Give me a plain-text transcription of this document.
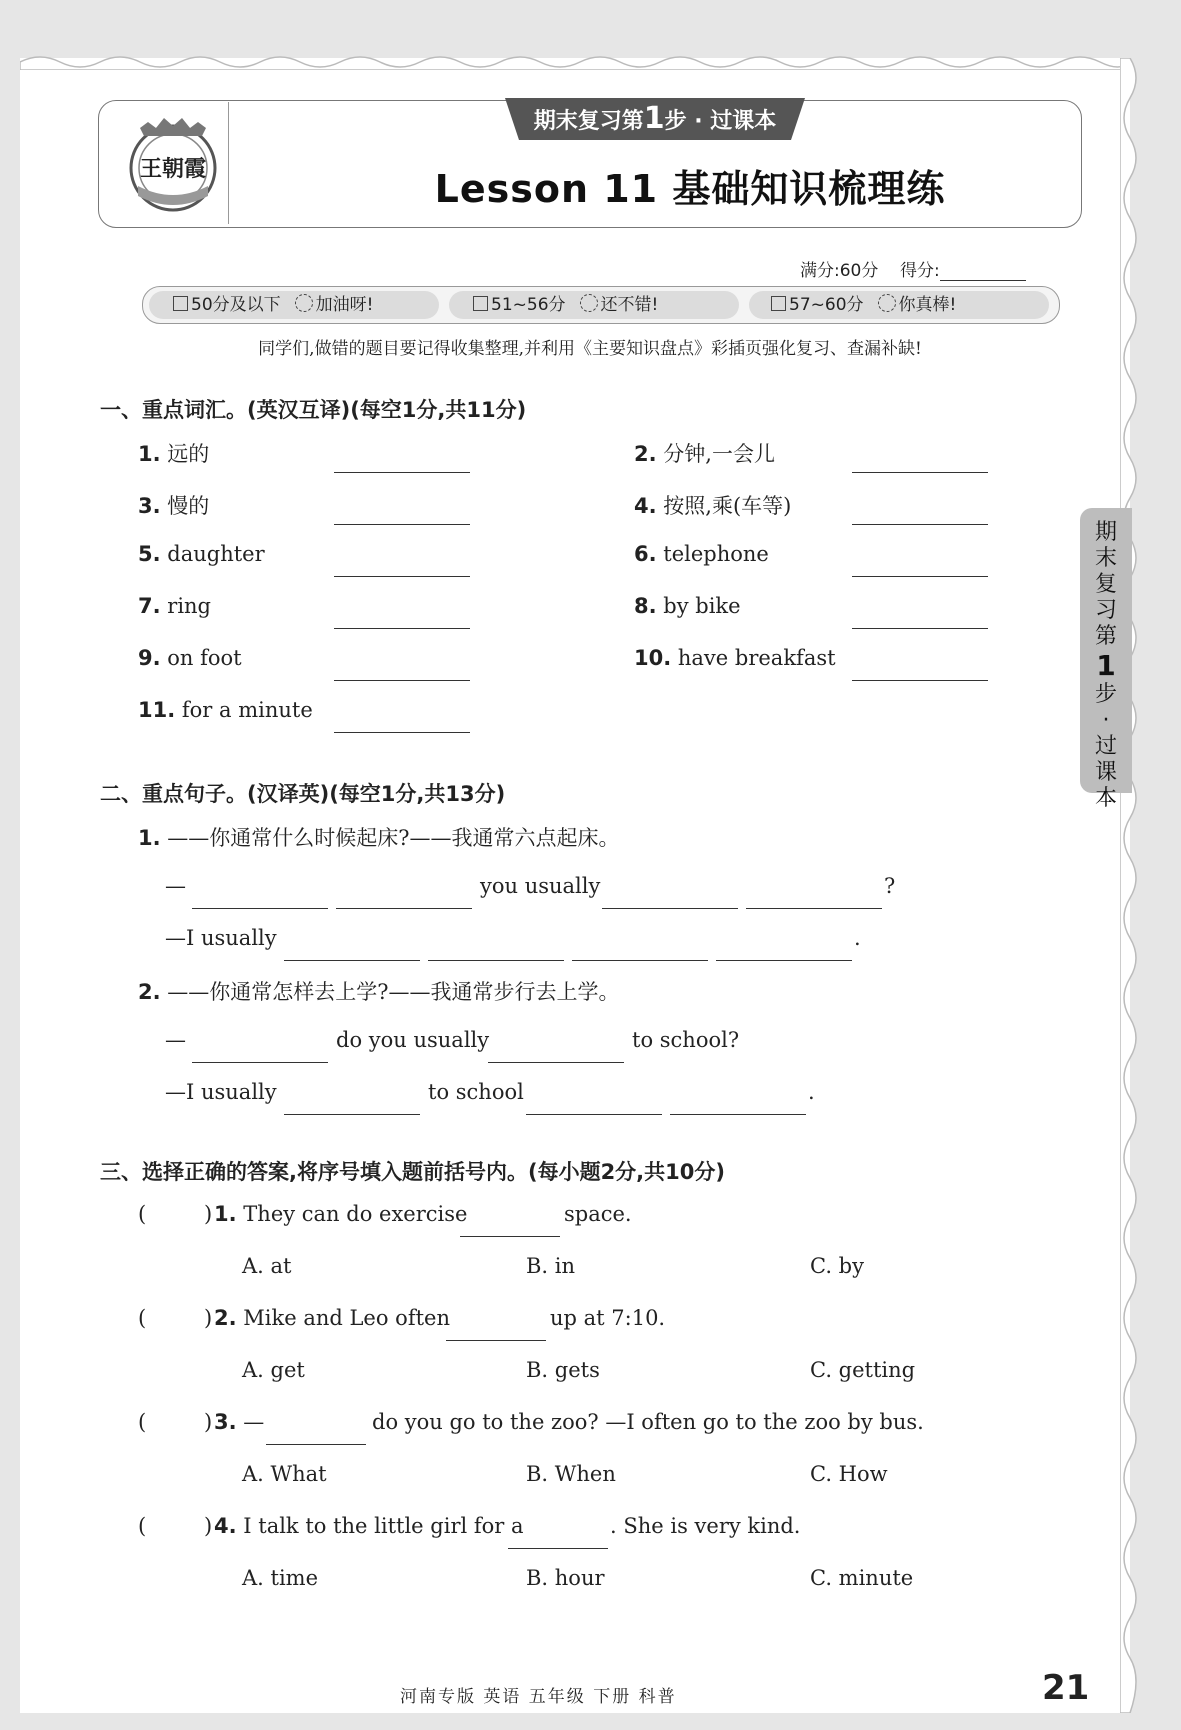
王朝霞
期末复习第1步 · 过课本
Lesson 11 基础知识梳理练
满分:60分 得分:
50分及以下 加油呀!	51~56分 还不错!	57~60分 你真棒!
同学们,做错的题目要记得收集整理,并利用《主要知识盘点》彩插页强化复习、查漏补缺!
一、重点词汇。(英汉互译)(每空1分,共11分)
1. 远的	2. 分钟,一会儿
3. 慢的	4. 按照,乘(车等)
5. daughter	6. telephone
7. ring	8. by bike
9. on foot	10. have breakfast
11. for a minute
二、重点句子。(汉译英)(每空1分,共13分)
1. ——你通常什么时候起床?——我通常六点起床。
—	you usually	?
—I usually	.
2. ——你通常怎样去上学?——我通常步行去上学。
—	do you usually	to school?
—I usually	to school	.
三、选择正确的答案,将序号填入题前括号内。(每小题2分,共10分)
(	) 1. They can do exercise	space.
A. at	B. in	C. by
(	) 2. Mike and Leo often	up at 7:10.
A. get	B. gets	C. getting
(	) 3. —	do you go to the zoo? —I often go to the zoo by bus.
A. What	B. When	C. How
(	) 4. I talk to the little girl for a	. She is very kind.
A. time	B. hour	C. minute
河南专版 英语 五年级 下册 科普	21
期
末
复
习
第
1
步
·
过
课
本
